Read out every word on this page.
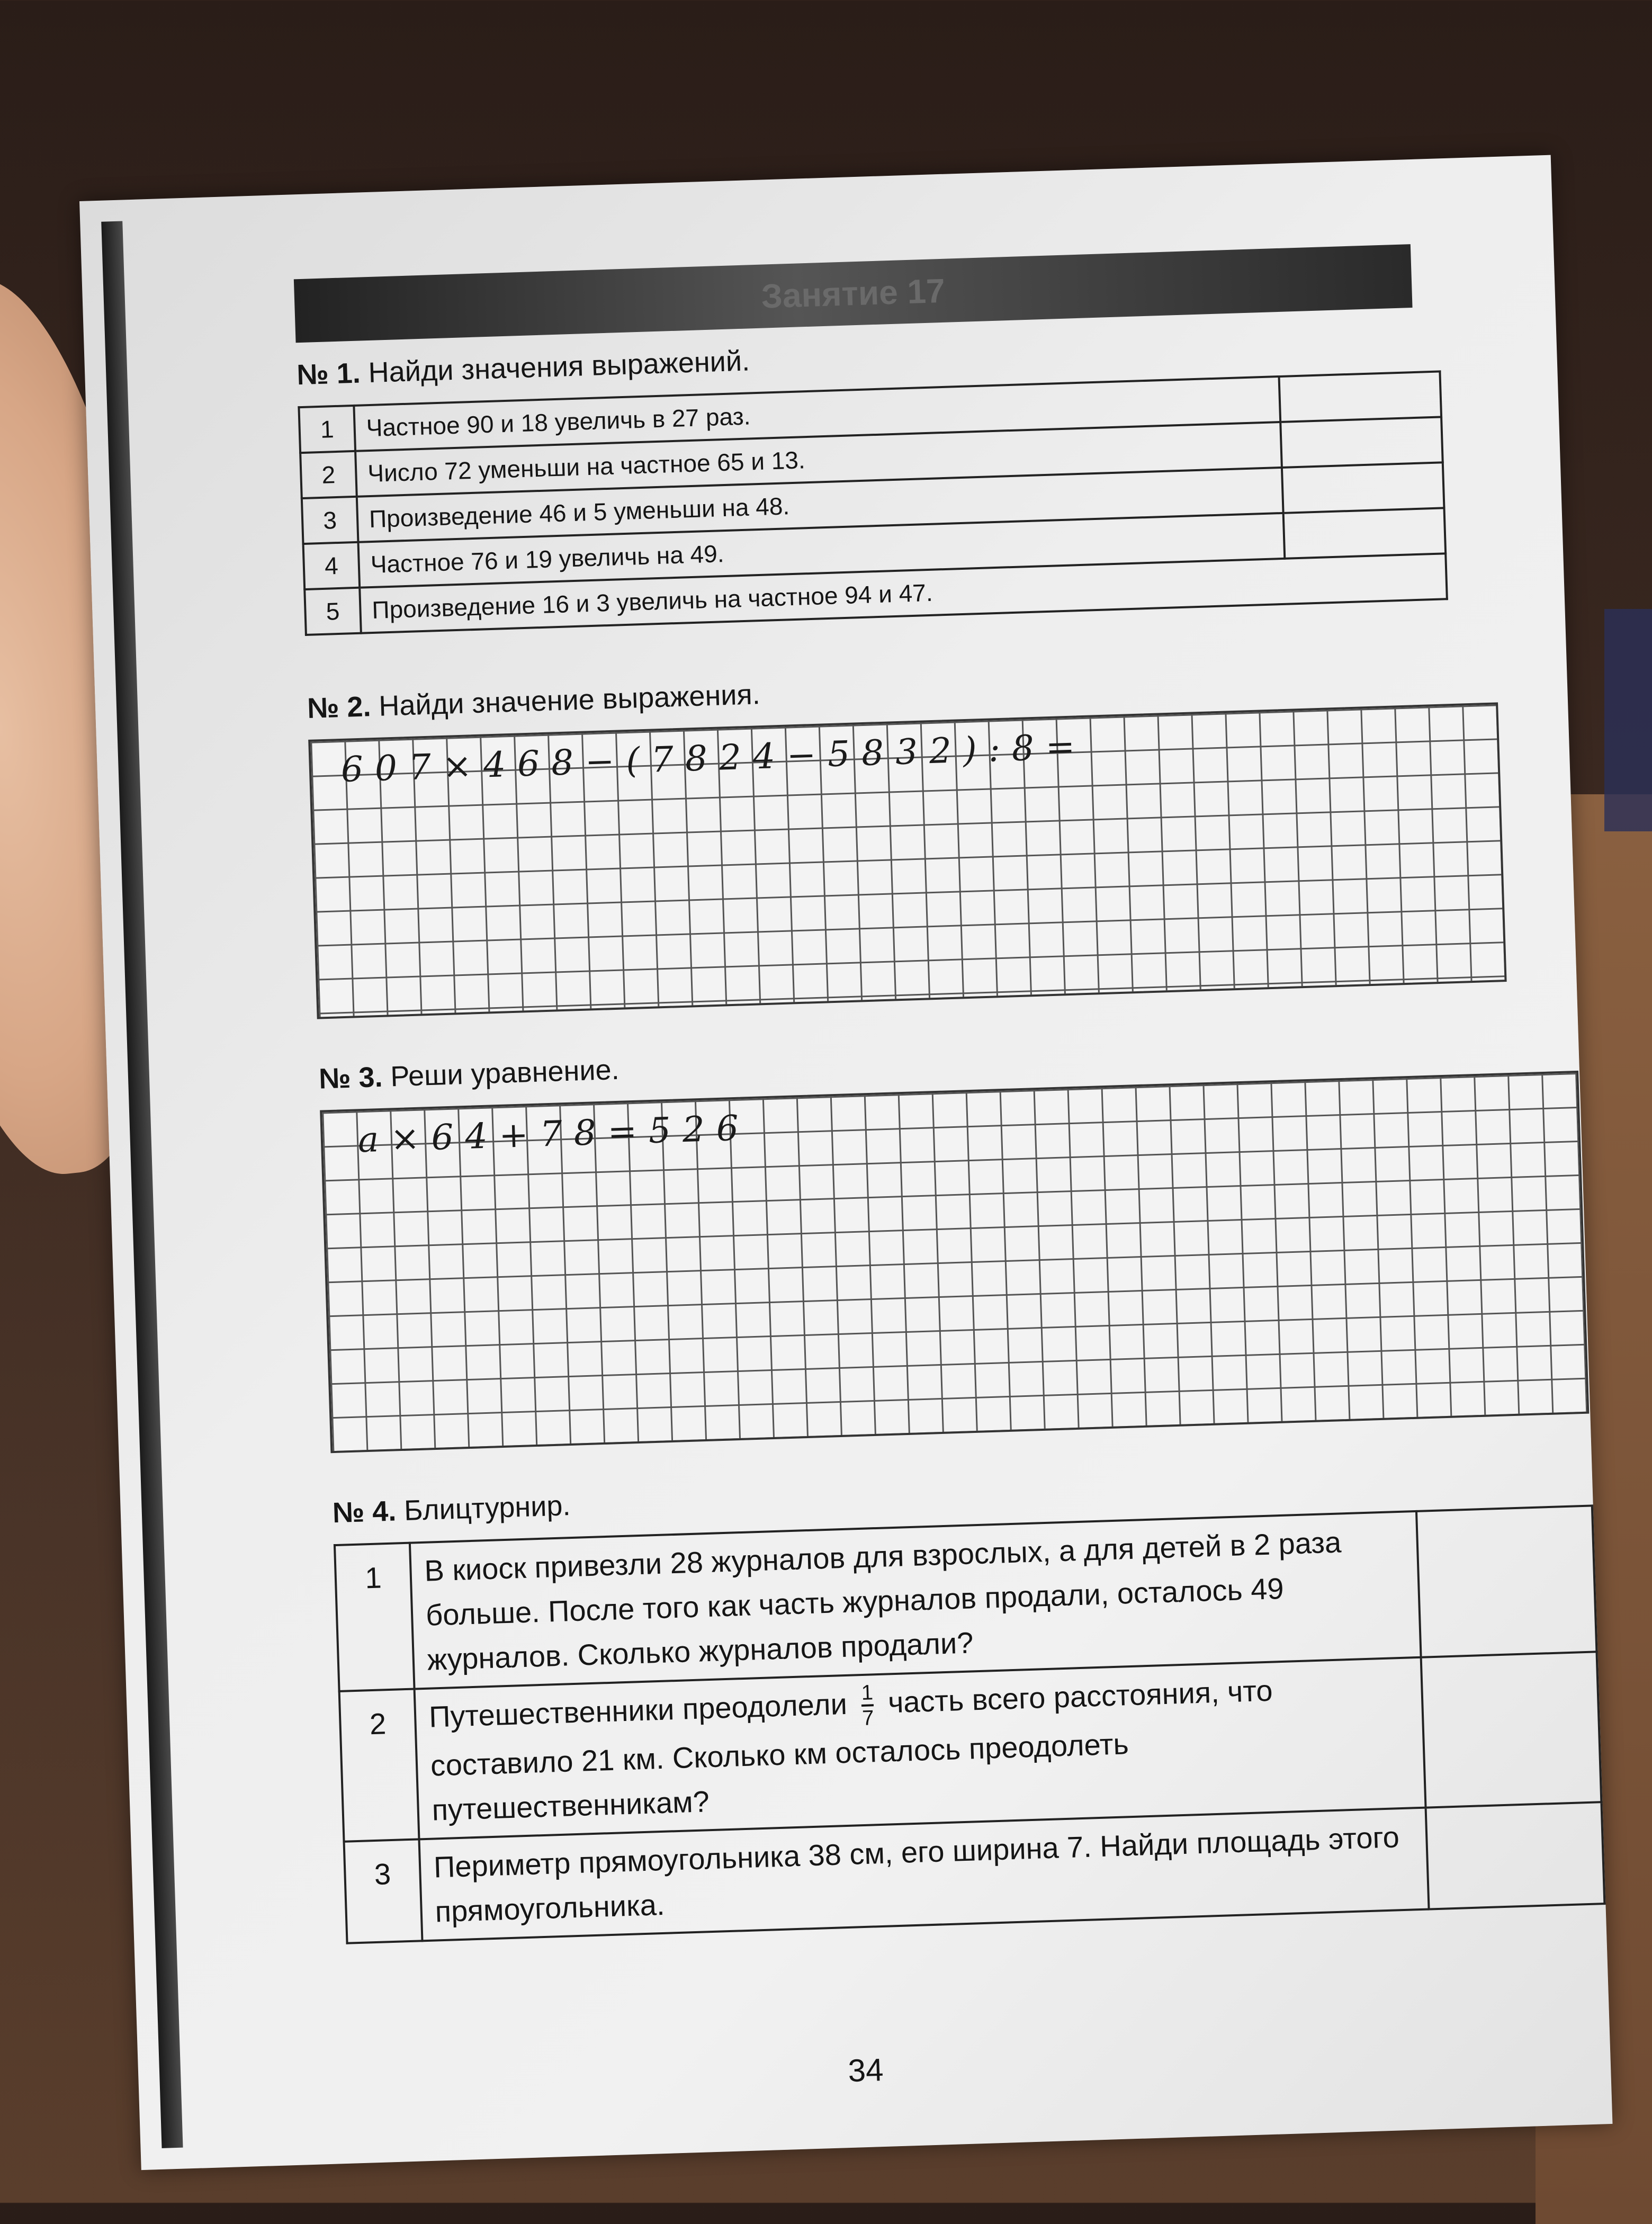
Занятие 17
№ 1. Найди значения выражений.
1	Частное 90 и 18 увеличь в 27 раз.	
2	Число 72 уменьши на частное 65 и 13.	
3	Произведение 46 и 5 уменьши на 48.	
4	Частное 76 и 19 увеличь на 49.	
5	Произведение 16 и 3 увеличь на частное 94 и 47.	
№ 2. Найди значение выражения.
607×468−(7824−5832):8=
№ 3. Реши уравнение.
a×64+78=526
№ 4. Блицтурнир.
1	В киоск привезли 28 журналов для взрослых, а для детей в 2 раза больше. После того как часть журналов продали, осталось 49 журналов. Сколько журналов продали?	
2	Путешественники преодолели $\frac{1}{7}$ часть всего расстояния, что составило 21 км. Сколько км осталось преодолеть путешественникам?	
3	Периметр прямоугольника 38 см, его ширина 7. Найди площадь этого прямоугольника.	
34
